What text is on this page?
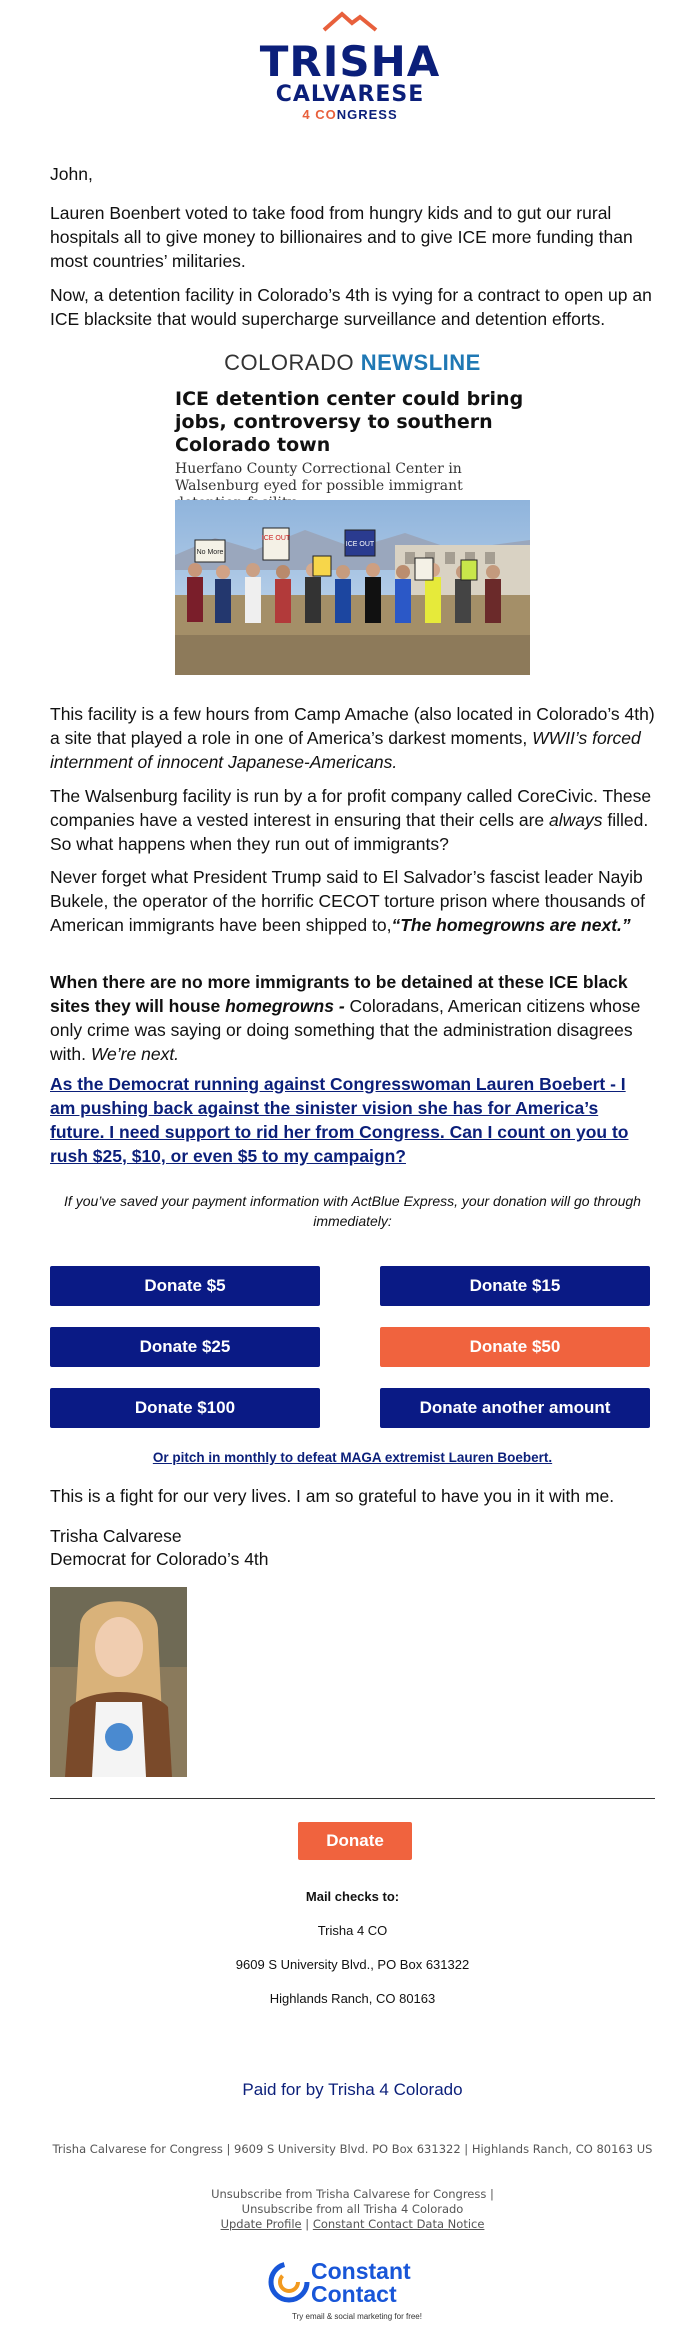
TRISHA
CALVARESE
4 CONGRESS

John,

Lauren Boenbert voted to take food from hungry kids and to gut our rural hospitals all to give money to billionaires and to give ICE more funding than most countries’ militaries.

Now, a detention facility in Colorado’s 4th is vying for a contract to open up an ICE blacksite that would supercharge surveillance and detention efforts.

COLORADO NEWSLINE
ICE detention center could bring jobs, controversy to southern Colorado town
Huerfano County Correctional Center in Walsenburg eyed for possible immigrant
ICE OUT
No More
ICE OUT

This facility is a few hours from Camp Amache (also located in Colorado’s 4th) a site that played a role in one of America’s darkest moments, WWII’s forced internment of innocent Japanese-Americans.

The Walsenburg facility is run by a for profit company called CoreCivic. These companies have a vested interest in ensuring that their cells are always filled. So what happens when they run out of immigrants?

Never forget what President Trump said to El Salvador’s fascist leader Nayib Bukele, the operator of the horrific CECOT torture prison where thousands of American immigrants have been shipped to,“The homegrowns are next.”

When there are no more immigrants to be detained at these ICE black sites they will house homegrowns - Coloradans, American citizens whose only crime was saying or doing something that the administration disagrees with. We’re next.

As the Democrat running against Congresswoman Lauren Boebert - I am pushing back against the sinister vision she has for America’s future. I need support to rid her from Congress. Can I count on you to rush $25, $10, or even $5 to my campaign?

If you’ve saved your payment information with ActBlue Express, your donation will go through immediately:
Donate $5	Donate $15
Donate $25	Donate $50
Donate $100	Donate another amount
Or pitch in monthly to defeat MAGA extremist Lauren Boebert.

This is a fight for our very lives. I am so grateful to have you in it with me.

Trisha Calvarese

Democrat for Colorado’s 4th

Donate
Mail checks to:
Trisha 4 CO
9609 S University Blvd., PO Box 631322
Highlands Ranch, CO 80163
Paid for by Trisha 4 Colorado
Trisha Calvarese for Congress | 9609 S University Blvd. PO Box 631322 | Highlands Ranch, CO 80163 US
Unsubscribe from Trisha Calvarese for Congress |
Unsubscribe from all Trisha 4 Colorado
Update Profile | Constant Contact Data Notice
Constant
Contact
Try email & social marketing for free!
